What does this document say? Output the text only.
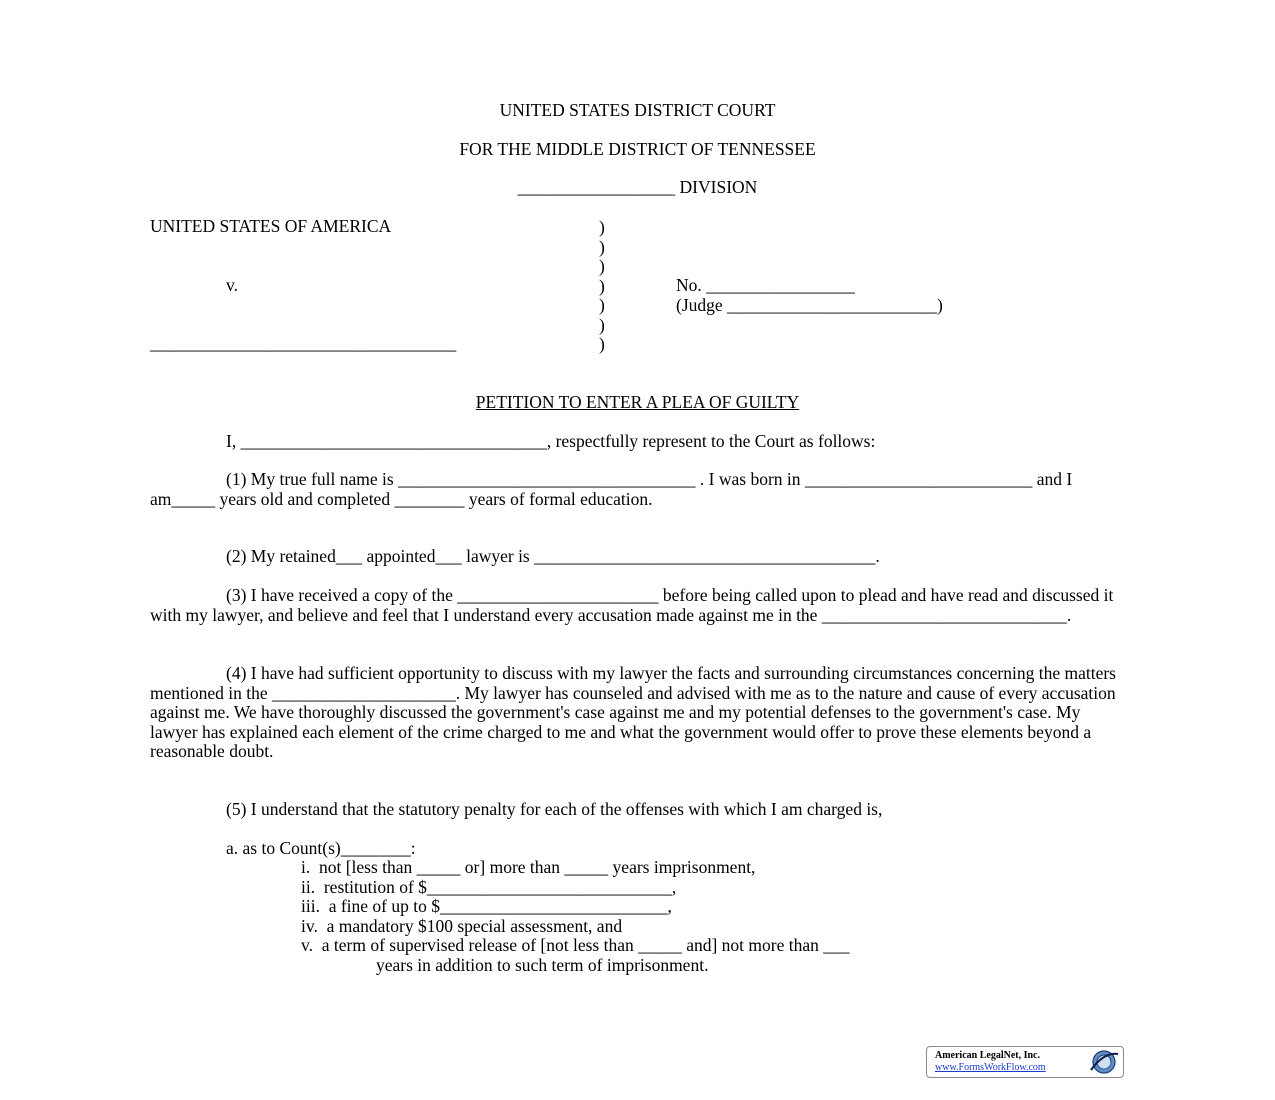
UNITED STATES DISTRICT COURT
FOR THE MIDDLE DISTRICT OF TENNESSEE
__________________ DIVISION
UNITED STATES OF AMERICA
v.
___________________________________
)
)
)
)
)
)
)
No. _________________
(Judge ________________________)
PETITION TO ENTER A PLEA OF GUILTY
I, ___________________________________, respectfully represent to the Court as follows:
(1) My true full name is __________________________________ . I was born in __________________________ and I am_____ years old and completed ________ years of formal education.
(2) My retained___ appointed___ lawyer is _______________________________________.
(3) I have received a copy of the _______________________ before being called upon to plead and have read and discussed it with my lawyer, and believe and feel that I understand every accusation made against me in the ____________________________.
(4) I have had sufficient opportunity to discuss with my lawyer the facts and surrounding circumstances concerning the matters mentioned in the _____________________. My lawyer has counseled and advised with me as to the nature and cause of every accusation against me. We have thoroughly discussed the government's case against me and my potential defenses to the government's case. My lawyer has explained each element of the crime charged to me and what the government would offer to prove these elements beyond a reasonable doubt.
(5) I understand that the statutory penalty for each of the offenses with which I am charged is,
a. as to Count(s)________:
i.  not [less than _____ or] more than _____ years imprisonment,
ii.  restitution of $____________________________,
iii.  a fine of up to $__________________________,
iv.  a mandatory $100 special assessment, and
v.  a term of supervised release of [not less than _____ and] not more than ___
years in addition to such term of imprisonment.
American LegalNet, Inc.
www.FormsWorkFlow.com
